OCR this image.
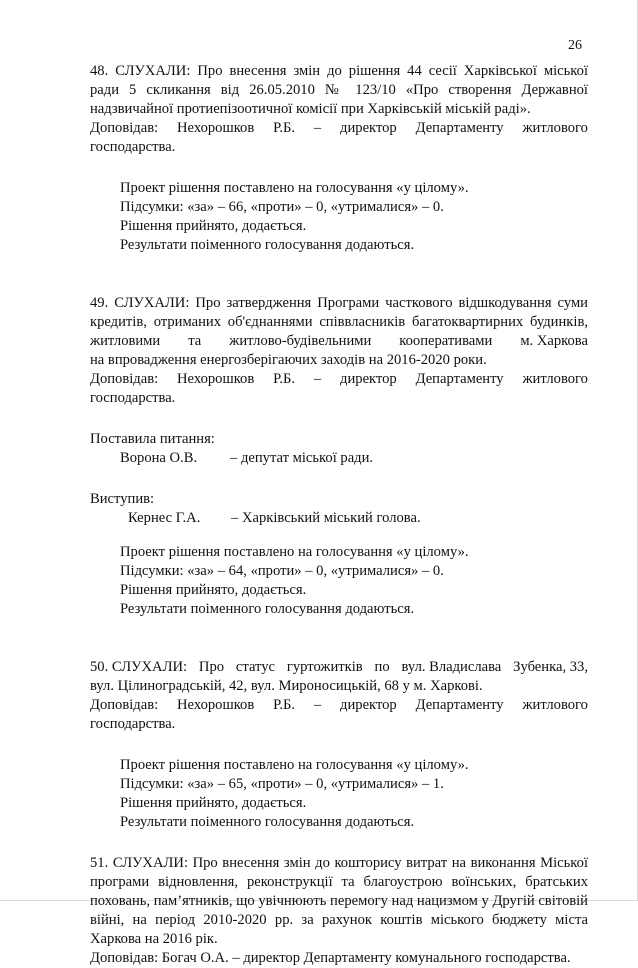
26
48. СЛУХАЛИ: Про внесення змін до рішення 44 сесії Харківської міської
ради 5 скликання від 26.05.2010 № 123/10 «Про створення Державної
надзвичайної протиепізоотичної комісії при Харківській міській раді».
Доповідав: Нехорошков Р.Б. – директор Департаменту житлового
господарства.
Проект рішення поставлено на голосування «у цілому».
Підсумки: «за» – 66, «проти» – 0, «утрималися» – 0.
Рішення прийнято, додається.
Результати поіменного голосування додаються.
49. СЛУХАЛИ: Про затвердження Програми часткового відшкодування суми
кредитів, отриманих об'єднаннями співвласників багатоквартирних будинків,
житловими та житлово-будівельними кооперативами м. Харкова
на впровадження енергозберігаючих заходів на 2016-2020 роки.
Доповідав: Нехорошков Р.Б. – директор Департаменту житлового
господарства.
Поставила питання:
Ворона О.В.	– депутат міської ради.
Виступив:
Кернес Г.А.	– Харківський міський голова.
Проект рішення поставлено на голосування «у цілому».
Підсумки: «за» – 64, «проти» – 0, «утрималися» – 0.
Рішення прийнято, додається.
Результати поіменного голосування додаються.
50. СЛУХАЛИ: Про статус гуртожитків по вул. Владислава Зубенка, 33,
вул. Цілиноградській, 42, вул. Мироносицькій, 68 у м. Харкові.
Доповідав: Нехорошков Р.Б. – директор Департаменту житлового
господарства.
Проект рішення поставлено на голосування «у цілому».
Підсумки: «за» – 65, «проти» – 0, «утрималися» – 1.
Рішення прийнято, додається.
Результати поіменного голосування додаються.
51. СЛУХАЛИ: Про внесення змін до кошторису витрат на виконання Міської
програми відновлення, реконструкції та благоустрою воїнських, братських
поховань, пам’ятників, що увічнюють перемогу над нацизмом у Другій світовій
війні, на період 2010-2020 рр. за рахунок коштів міського бюджету міста
Харкова на 2016 рік.
Доповідав: Богач О.А. – директор Департаменту комунального господарства.
